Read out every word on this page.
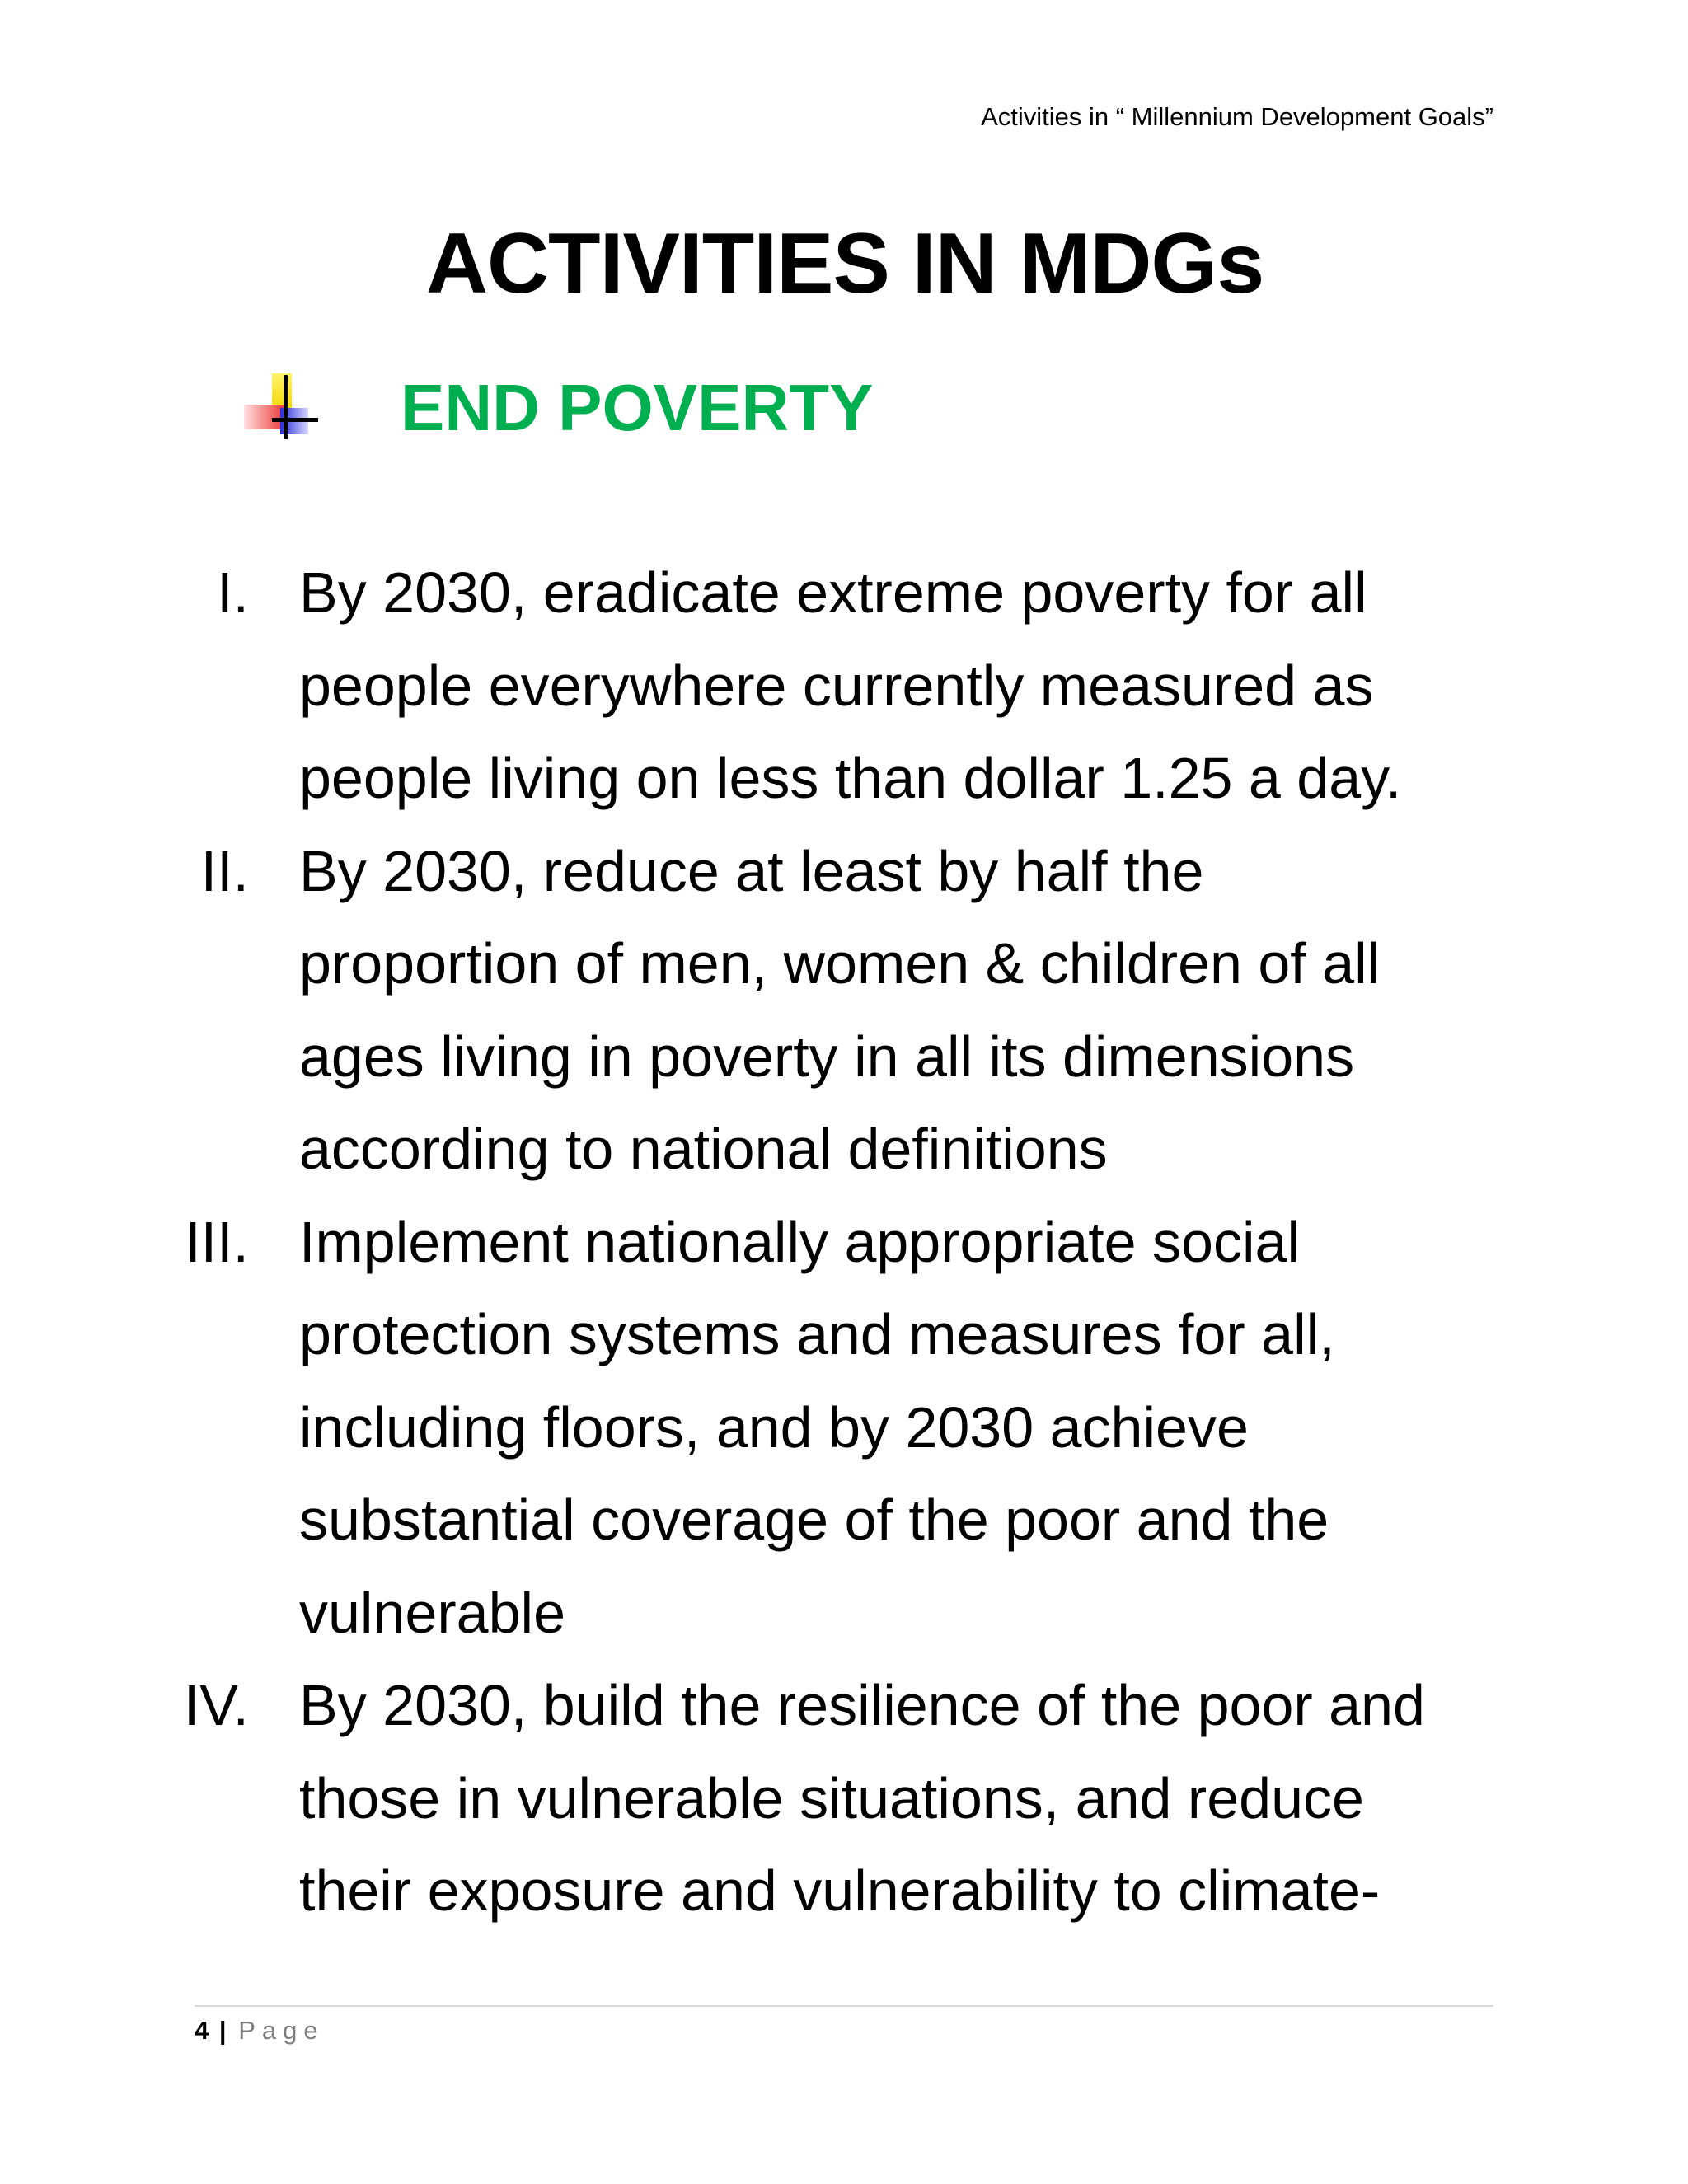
Activities in “ Millennium Development Goals”
ACTIVITIES IN MDGs
END POVERTY
I. By 2030, eradicate extreme poverty for all
people everywhere currently measured as
people living on less than dollar 1.25 a day.
II. By 2030, reduce at least by half the
proportion of men, women & children of all
ages living in poverty in all its dimensions
according to national definitions
III. Implement nationally appropriate social
protection systems and measures for all,
including floors, and by 2030 achieve
substantial coverage of the poor and the
vulnerable
IV. By 2030, build the resilience of the poor and
those in vulnerable situations, and reduce
their exposure and vulnerability to climate-
4 | Page
